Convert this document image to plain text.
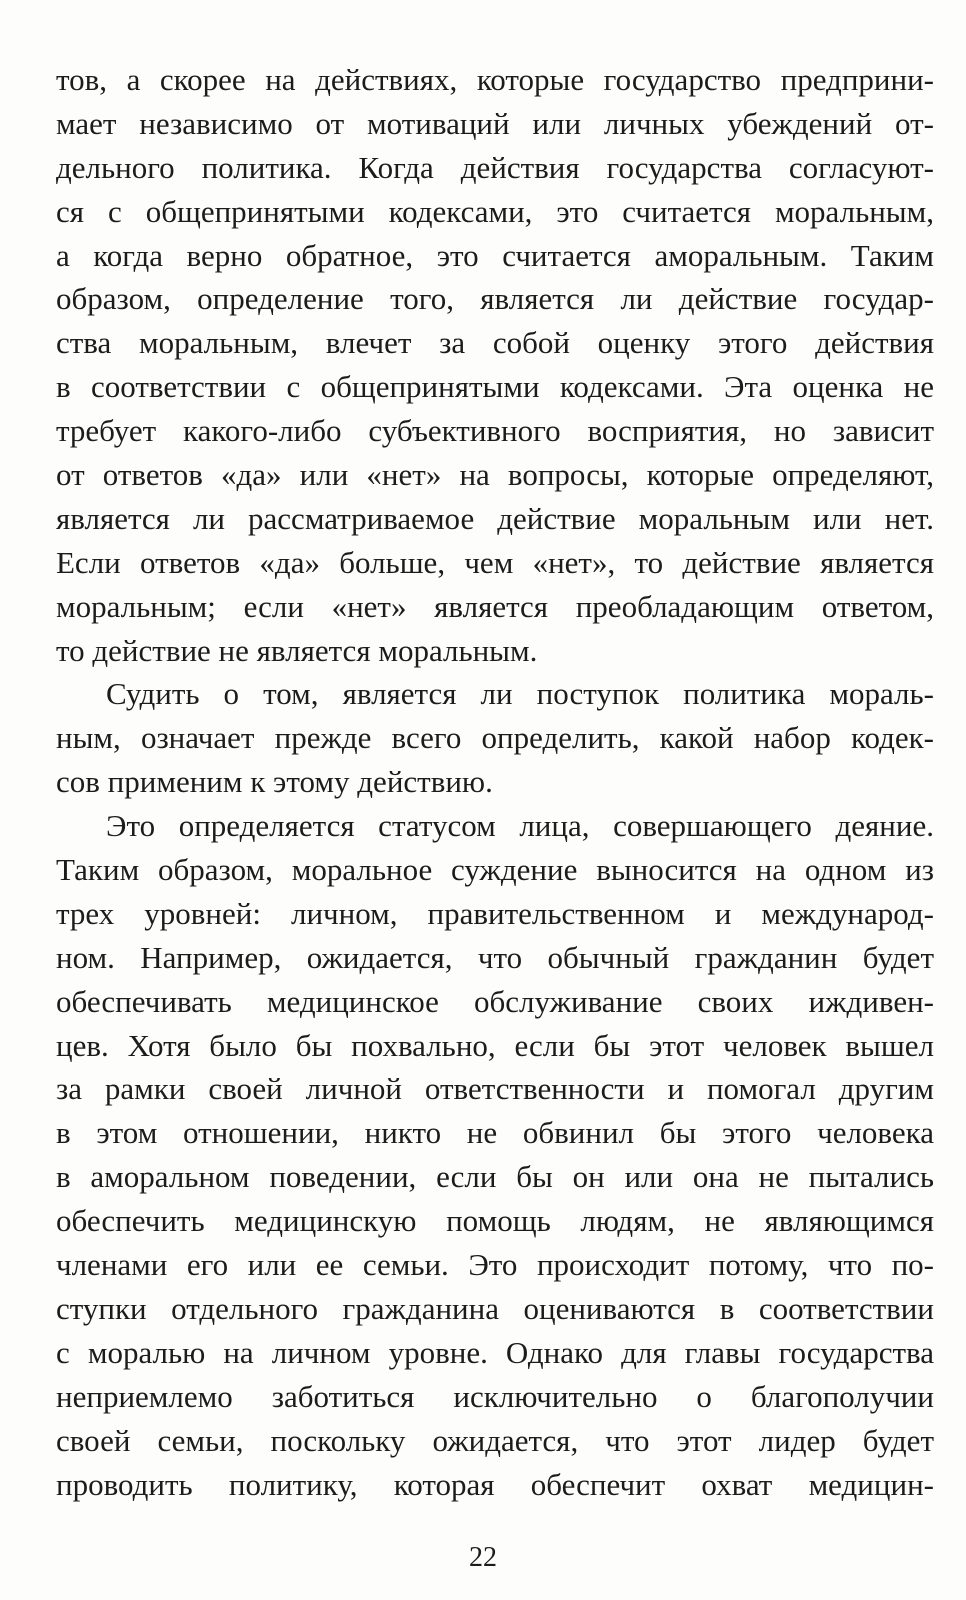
тов, а скорее на действиях, которые государство предприни-
мает независимо от мотиваций или личных убеждений от-
дельного политика. Когда действия государства согласуют-
ся с общепринятыми кодексами, это считается моральным,
а когда верно обратное, это считается аморальным. Таким
образом, определение того, является ли действие государ-
ства моральным, влечет за собой оценку этого действия
в соответствии с общепринятыми кодексами. Эта оценка не
требует какого-либо субъективного восприятия, но зависит
от ответов «да» или «нет» на вопросы, которые определяют,
является ли рассматриваемое действие моральным или нет.
Если ответов «да» больше, чем «нет», то действие является
моральным; если «нет» является преобладающим ответом,
то действие не является моральным.
Судить о том, является ли поступок политика мораль-
ным, означает прежде всего определить, какой набор кодек-
сов применим к этому действию.
Это определяется статусом лица, совершающего деяние.
Таким образом, моральное суждение выносится на одном из
трех уровней: личном, правительственном и международ-
ном. Например, ожидается, что обычный гражданин будет
обеспечивать медицинское обслуживание своих иждивен-
цев. Хотя было бы похвально, если бы этот человек вышел
за рамки своей личной ответственности и помогал другим
в этом отношении, никто не обвинил бы этого человека
в аморальном поведении, если бы он или она не пытались
обеспечить медицинскую помощь людям, не являющимся
членами его или ее семьи. Это происходит потому, что по-
ступки отдельного гражданина оцениваются в соответствии
с моралью на личном уровне. Однако для главы государства
неприемлемо заботиться исключительно о благополучии
своей семьи, поскольку ожидается, что этот лидер будет
проводить политику, которая обеспечит охват медицин-
22
